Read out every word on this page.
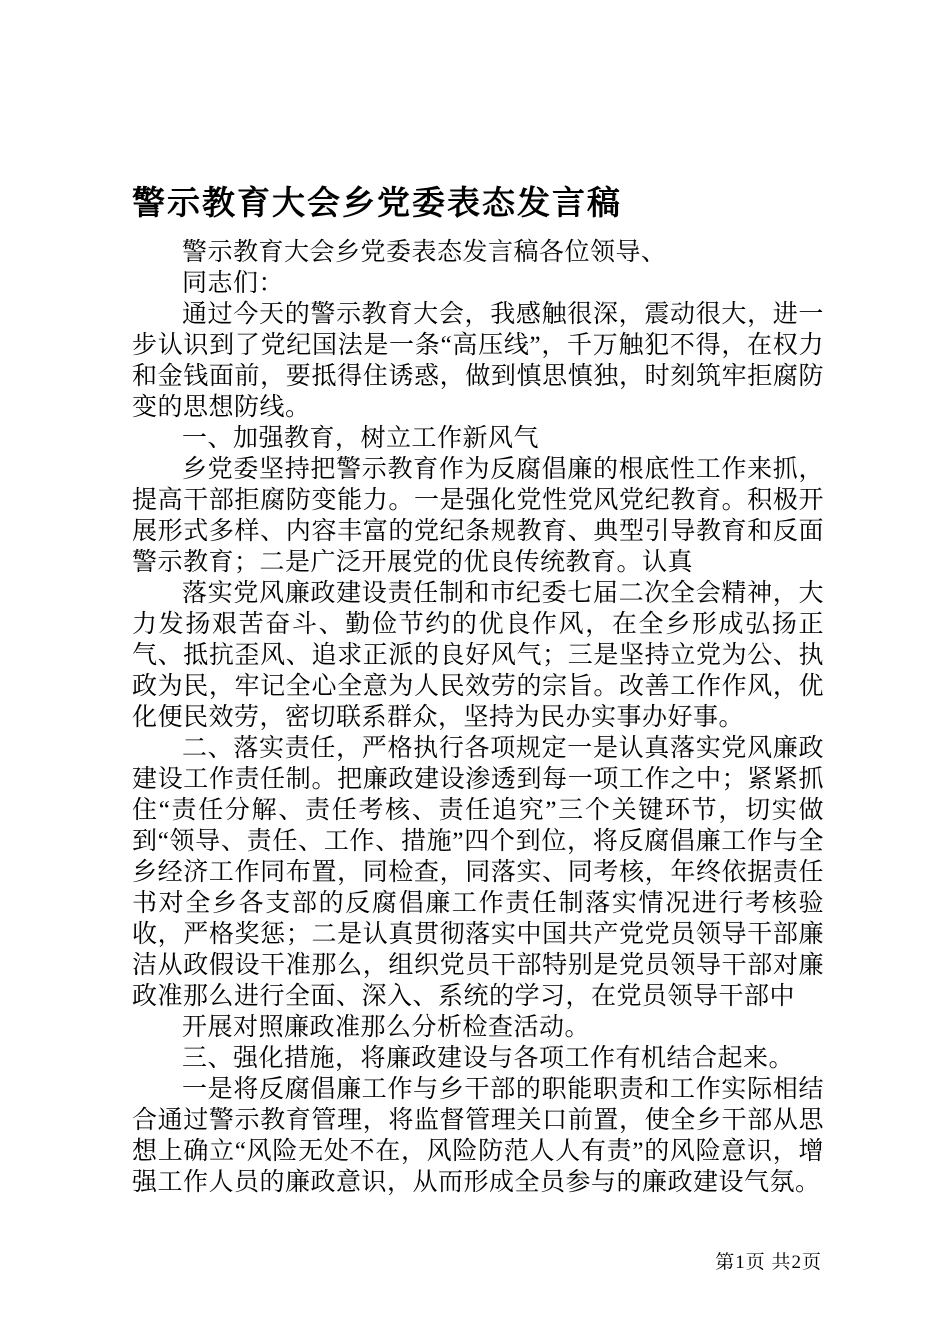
警示教育大会乡党委表态发言稿

警示教育大会乡党委表态发言稿各位领导、

同志们：

通过今天的警示教育大会，我感触很深，震动很大，进一步认识到了党纪国法是一条“高压线”，千万触犯不得，在权力和金钱面前，要抵得住诱惑，做到慎思慎独，时刻筑牢拒腐防变的思想防线。

一、加强教育，树立工作新风气

乡党委坚持把警示教育作为反腐倡廉的根底性工作来抓，提高干部拒腐防变能力。一是强化党性党风党纪教育。积极开展形式多样、内容丰富的党纪条规教育、典型引导教育和反面警示教育；二是广泛开展党的优良传统教育。认真

落实党风廉政建设责任制和市纪委七届二次全会精神，大力发扬艰苦奋斗、勤俭节约的优良作风，在全乡形成弘扬正气、抵抗歪风、追求正派的良好风气；三是坚持立党为公、执政为民，牢记全心全意为人民效劳的宗旨。改善工作作风，优化便民效劳，密切联系群众，坚持为民办实事办好事。

二、落实责任，严格执行各项规定一是认真落实党风廉政建设工作责任制。把廉政建设渗透到每一项工作之中；紧紧抓住“责任分解、责任考核、责任追究”三个关键环节，切实做到“领导、责任、工作、措施”四个到位，将反腐倡廉工作与全乡经济工作同布置，同检查，同落实、同考核，年终依据责任书对全乡各支部的反腐倡廉工作责任制落实情况进行考核验收，严格奖惩；二是认真贯彻落实中国共产党党员领导干部廉洁从政假设干准那么，组织党员干部特别是党员领导干部对廉政准那么进行全面、深入、系统的学习，在党员领导干部中

开展对照廉政准那么分析检查活动。

三、强化措施，将廉政建设与各项工作有机结合起来。

一是将反腐倡廉工作与乡干部的职能职责和工作实际相结合通过警示教育管理，将监督管理关口前置，使全乡干部从思想上确立“风险无处不在，风险防范人人有责”的风险意识，增强工作人员的廉政意识，从而形成全员参与的廉政建设气氛。

第1页 共2页
